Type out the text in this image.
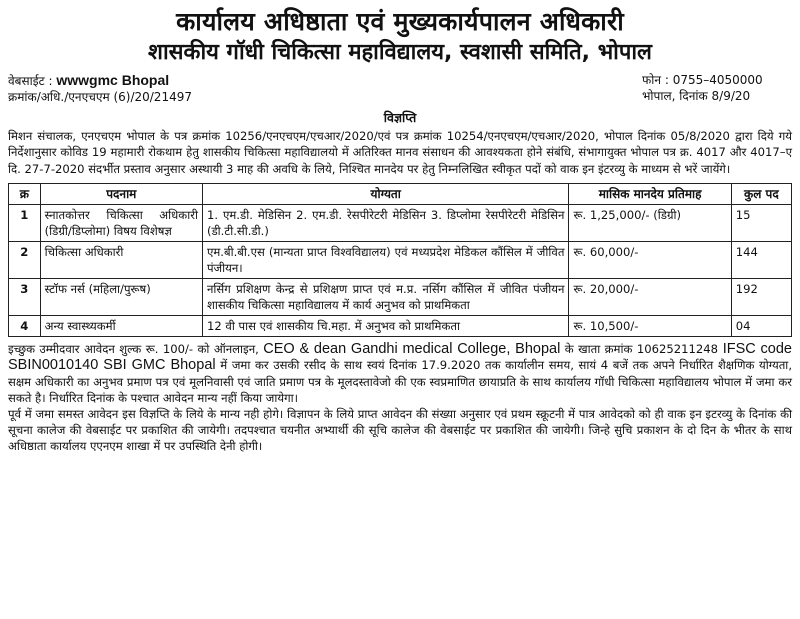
कार्यालय अधिष्ठाता एवं मुख्यकार्यपालन अधिकारी
शासकीय गॉधी चिकित्सा महाविद्यालय, स्वशासी समिति, भोपाल
वेबसाईट : wwwgmc Bhopal
क्रमांक/अधि./एनएचएम (6)/20/21497
फोन : 0755–4050000
भोपाल, दिनांक 8/9/20
विज्ञप्ति

मिशन संचालक, एनएचएम भोपाल के पत्र क्रमांक 10256/एनएचएम/एचआर/2020/एवं पत्र क्रमांक 10254/एनएचएम/एचआर/2020, भोपाल दिनांक 05/8/2020 द्वारा दिये गये निर्देशानुसार कोविड 19 महामारी रोकथाम हेतु शासकीय चिकित्सा महाविद्यालयो में अतिरिक्त मानव संसाधन की आवश्यकता होने संबंधि, संभागायुक्त भोपाल पत्र क्र. 4017 और 4017–ए दि. 27-7-2020 संदर्भीत प्रस्ताव अनुसार अस्थायी 3 माह की अवधि के लिये, निश्चित मानदेय पर हेतु निम्नलिखित स्वीकृत पदों को वाक इन इंटरव्यु के माध्यम से भरें जायेंगे।

क्र	पदनाम	योग्यता	मासिक मानदेय प्रतिमाह	कुल पद
1	स्नातकोत्तर चिकित्सा अधिकारी (डिग्री/डिप्लोमा) विषय विशेषज्ञ	1. एम.डी. मेडिसिन 2. एम.डी. रेसपीरेटरी मेडिसिन 3. डिप्लोमा रेसपीरेटरी मेडिसिन (डी.टी.सी.डी.)	रू. 1,25,000/- (डिग्री)	15
2	चिकित्सा अधिकारी	एम.बी.बी.एस (मान्यता प्राप्त विश्वविद्यालय) एवं मध्यप्रदेश मेडिकल कौंसिल में जीवित पंजीयन।	रू. 60,000/-	144
3	स्टॉफ नर्स (महिला/पुरूष)	नर्सिग प्रशिक्षण केन्द्र से प्रशिक्षण प्राप्त एवं म.प्र. नर्सिग कौंसिल में जीवित पंजीयन शासकीय चिकित्सा महाविद्यालय में कार्य अनुभव को प्राथमिकता	रू. 20,000/-	192
4	अन्य स्वास्थ्यकर्मी	12 वी पास एवं शासकीय चि.महा. में अनुभव को प्राथमिकता	रू. 10,500/-	04

इच्छुक उम्मीदवार आवेदन शुल्क रू. 100/- को ऑनलाइन, CEO & dean Gandhi medical College, Bhopal के खाता क्रमांक 10625211248 IFSC code SBIN0010140 SBI GMC Bhopal में जमा कर उसकी रसीद के साथ स्वयं दिनांक 17.9.2020 तक कार्यालीन समय, सायं 4 बजें तक अपने निर्धारित शैक्षणिक योग्यता, सक्षम अधिकारी का अनुभव प्रमाण पत्र एवं मूलनिवासी एवं जाति प्रमाण पत्र के मूलदस्तावेजो की एक स्वप्रमाणित छायाप्रति के साथ कार्यालय गॉधी चिकित्सा महाविद्यालय भोपाल में जमा कर सकते है। निर्धारित दिनांक के पश्चात आवेदन मान्य नहीं किया जायेगा।

पूर्व में जमा समस्त आवेदन इस विज्ञप्ति के लिये के मान्य नही होगे। विज्ञापन के लिये प्राप्त आवेदन की संख्या अनुसार एवं प्रथम स्क्रूटनी में पात्र आवेदको को ही वाक इन इटरव्यु के दिनांक की सूचना कालेज की वेबसाईट पर प्रकाशित की जायेगी। तदपश्चात चयनीत अभ्यार्थी की सूचि कालेज की वेबसाईट पर प्रकाशित की जायेगी। जिन्हे सुचि प्रकाशन के दो दिन के भीतर के साथ अधिष्ठाता कार्यालय एएनएम शाखा में पर उपस्थिति देनी होगी।
